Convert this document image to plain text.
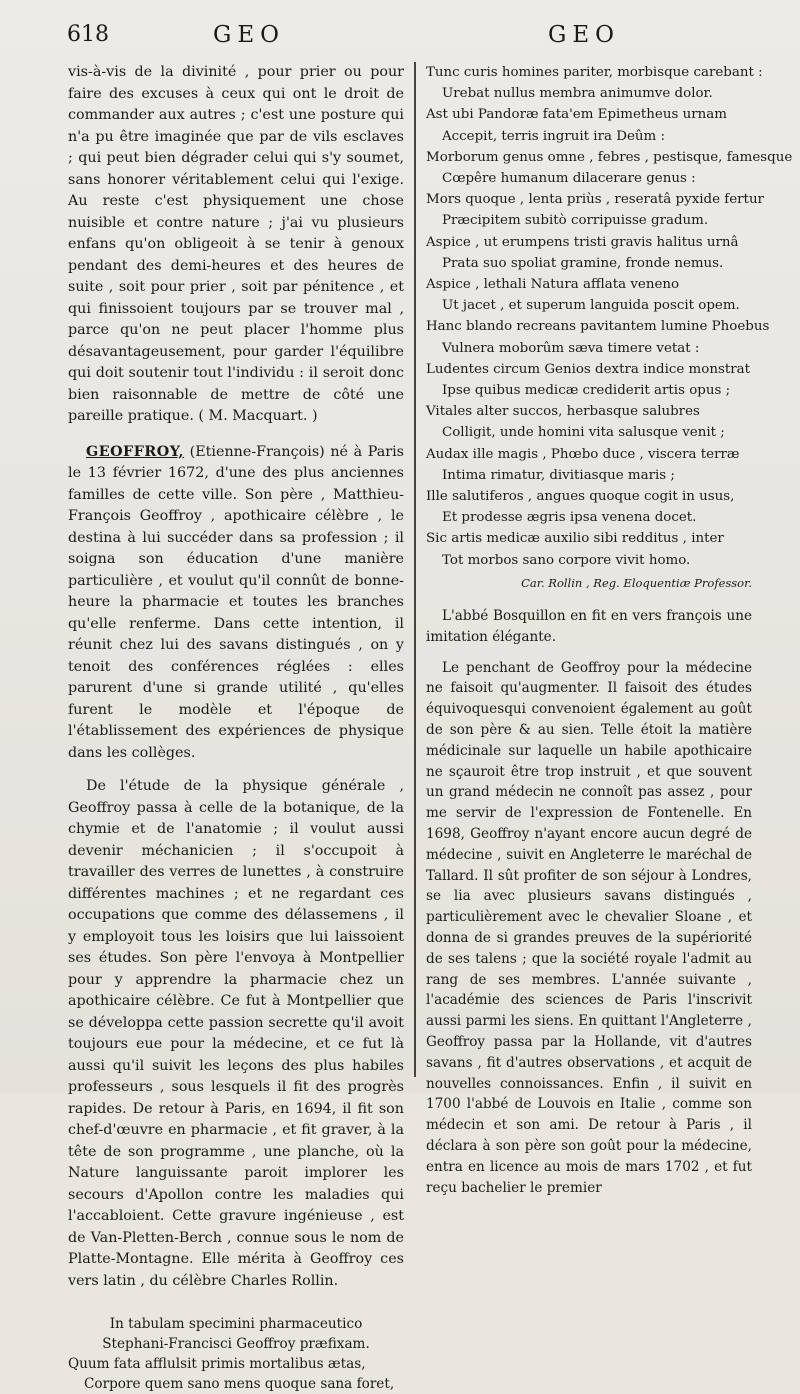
618	GEO	GEO

vis-à-vis de la divinité , pour prier ou pour faire des excuses à ceux qui ont le droit de commander aux autres ; c'est une posture qui n'a pu être imaginée que par de vils esclaves ; qui peut bien dégrader celui qui s'y soumet, sans honorer véritablement celui qui l'exige. Au reste c'est physiquement une chose nuisible et contre nature ; j'ai vu plusieurs enfans qu'on obligeoit à se tenir à genoux pendant des demi-heures et des heures de suite , soit pour prier , soit par pénitence , et qui finissoient toujours par se trouver mal , parce qu'on ne peut placer l'homme plus désavantageusement, pour garder l'équilibre qui doit soutenir tout l'individu : il seroit donc bien raisonnable de mettre de côté une pareille pratique. ( M. Macquart. )

GEOFFROY, (Etienne-François) né à Paris le 13 février 1672, d'une des plus anciennes familles de cette ville. Son père , Matthieu-François Geoffroy , apothicaire célèbre , le destina à lui succéder dans sa profession ; il soigna son éducation d'une manière particulière , et voulut qu'il connût de bonne-heure la pharmacie et toutes les branches qu'elle renferme. Dans cette intention, il réunit chez lui des savans distingués , on y tenoit des conférences réglées : elles parurent d'une si grande utilité , qu'elles furent le modèle et l'époque de l'établissement des expériences de physique dans les collèges.

De l'étude de la physique générale , Geoffroy passa à celle de la botanique, de la chymie et de l'anatomie ; il voulut aussi devenir méchanicien ; il s'occupoit à travailler des verres de lunettes , à construire différentes machines ; et ne regardant ces occupations que comme des délassemens , il y employoit tous les loisirs que lui laissoient ses études. Son père l'envoya à Montpellier pour y apprendre la pharmacie chez un apothicaire célèbre. Ce fut à Montpellier que se développa cette passion secrette qu'il avoit toujours eue pour la médecine, et ce fut là aussi qu'il suivit les leçons des plus habiles professeurs , sous lesquels il fit des progrès rapides. De retour à Paris, en 1694, il fit son chef-d'œuvre en pharmacie , et fit graver, à la tête de son programme , une planche, où la Nature languissante paroit implorer les secours d'Apollon contre les maladies qui l'accabloient. Cette gravure ingénieuse , est de Van-Pletten-Berch , connue sous le nom de Platte-Montagne. Elle mérita à Geoffroy ces vers latin , du célèbre Charles Rollin.

In tabulam specimini pharmaceutico
Stephani-Francisci Geoffroy præfixam.

Quum fata afflulsit primis mortalibus ætas,

Corpore quem sano mens quoque sana foret,

Tunc curis homines pariter, morbisque carebant :

Urebat nullus membra animumve dolor.

Ast ubi Pandoræ fata'em Epimetheus urnam

Accepit, terris ingruit ira Deûm :

Morborum genus omne , febres , pestisque, famesque

Cœpêre humanum dilacerare genus :

Mors quoque , lenta priùs , reseratâ pyxide fertur

Præcipitem subitò corripuisse gradum.

Aspice , ut erumpens tristi gravis halitus urnâ

Prata suo spoliat gramine, fronde nemus.

Aspice , lethali Natura afflata veneno

Ut jacet , et superum languida poscit opem.

Hanc blando recreans pavitantem lumine Phoebus

Vulnera moborûm sæva timere vetat :

Ludentes circum Genios dextra indice monstrat

Ipse quibus medicæ crediderit artis opus ;

Vitales alter succos, herbasque salubres

Colligit, unde homini vita salusque venit ;

Audax ille magis , Phœbo duce , viscera terræ

Intima rimatur, divitiasque maris ;

Ille salutiferos , angues quoque cogit in usus,

Et prodesse ægris ipsa venena docet.

Sic artis medicæ auxilio sibi redditus , inter

Tot morbos sano corpore vivit homo.

Car. Rollin , Reg. Eloquentiæ Professor.

L'abbé Bosquillon en fit en vers françois une imitation élégante.

Le penchant de Geoffroy pour la médecine ne faisoit qu'augmenter. Il faisoit des études équivoquesqui convenoient également au goût de son père & au sien. Telle étoit la matière médicinale sur laquelle un habile apothicaire ne sçauroit être trop instruit , et que souvent un grand médecin ne connoît pas assez , pour me servir de l'expression de Fontenelle. En 1698, Geoffroy n'ayant encore aucun degré de médecine , suivit en Angleterre le maréchal de Tallard. Il sût profiter de son séjour à Londres, se lia avec plusieurs savans distingués , particulièrement avec le chevalier Sloane , et donna de si grandes preuves de la supériorité de ses talens ; que la société royale l'admit au rang de ses membres. L'année suivante , l'académie des sciences de Paris l'inscrivit aussi parmi les siens. En quittant l'Angleterre , Geoffroy passa par la Hollande, vit d'autres savans , fit d'autres observations , et acquit de nouvelles connoissances. Enfin , il suivit en 1700 l'abbé de Louvois en Italie , comme son médecin et son ami. De retour à Paris , il déclara à son père son goût pour la médecine, entra en licence au mois de mars 1702 , et fut reçu bachelier le premier
